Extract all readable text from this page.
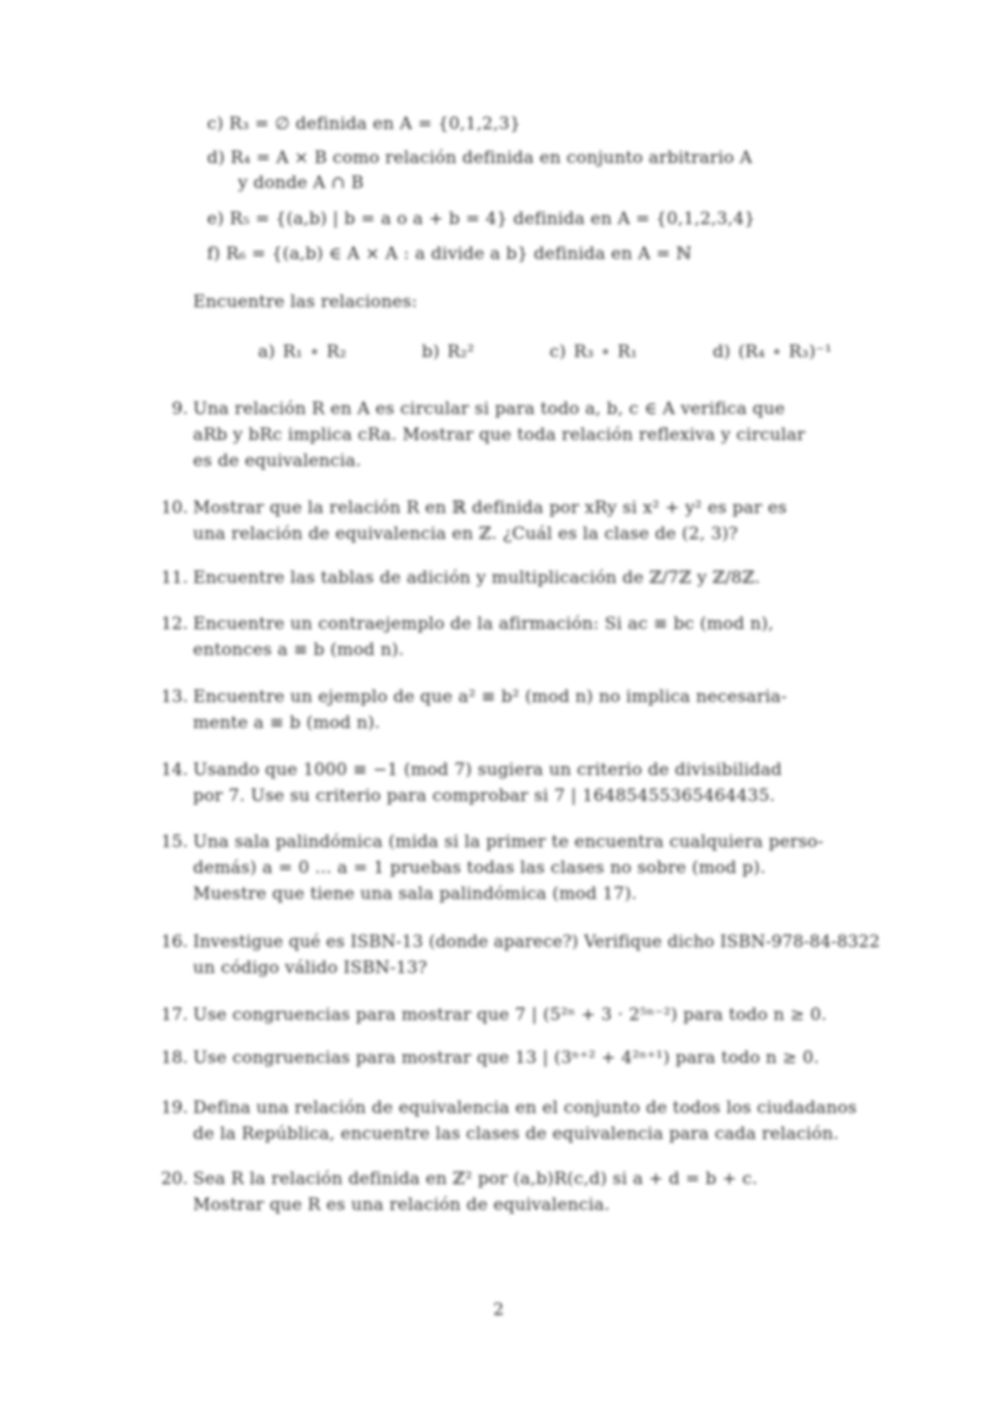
c) R₃ = ∅ definida en A = {0,1,2,3}
d) R₄ = A × B como relación definida en conjunto arbitrario A
y donde A ∩ B
e) R₅ = {(a,b) | b = a o a + b = 4} definida en A = {0,1,2,3,4}
f) R₆ = {(a,b) ∈ A × A : a divide a b} definida en A = ℕ
Encuentre las relaciones:
a) R₁ ∘ R₂	b) R₂²	c) R₃ ∘ R₁	d) (R₄ ∘ R₃)⁻¹
9. Una relación R en A es circular si para todo a, b, c ∈ A verifica que
aRb y bRc implica cRa. Mostrar que toda relación reflexiva y circular
es de equivalencia.
10. Mostrar que la relación R en ℝ definida por xRy si x² + y² es par es
una relación de equivalencia en ℤ. ¿Cuál es la clase de (2, 3)?
11. Encuentre las tablas de adición y multiplicación de ℤ/7ℤ y ℤ/8ℤ.
12. Encuentre un contraejemplo de la afirmación: Si ac ≡ bc (mod n),
entonces a ≡ b (mod n).
13. Encuentre un ejemplo de que a² ≡ b² (mod n) no implica necesaria-
mente a ≡ b (mod n).
14. Usando que 1000 ≡ −1 (mod 7) sugiera un criterio de divisibilidad
por 7. Use su criterio para comprobar si 7 | 16485455365464435.
15. Una sala palindómica (mida si la primer te encuentra cualquiera perso-
demás) a = 0 ... a = 1 pruebas todas las clases no sobre (mod p).
Muestre que tiene una sala palindómica (mod 17).
16. Investigue qué es ISBN-13 (donde aparece?) Verifique dicho ISBN-978-84-8322
un código válido ISBN-13?
17. Use congruencias para mostrar que 7 | (5²ⁿ + 3 · 2⁵ⁿ⁻²) para todo n ≥ 0.
18. Use congruencias para mostrar que 13 | (3ⁿ⁺² + 4²ⁿ⁺¹) para todo n ≥ 0.
19. Defina una relación de equivalencia en el conjunto de todos los ciudadanos
de la República, encuentre las clases de equivalencia para cada relación.
20. Sea R la relación definida en ℤ² por (a,b)R(c,d) si a + d = b + c.
Mostrar que R es una relación de equivalencia.
2
